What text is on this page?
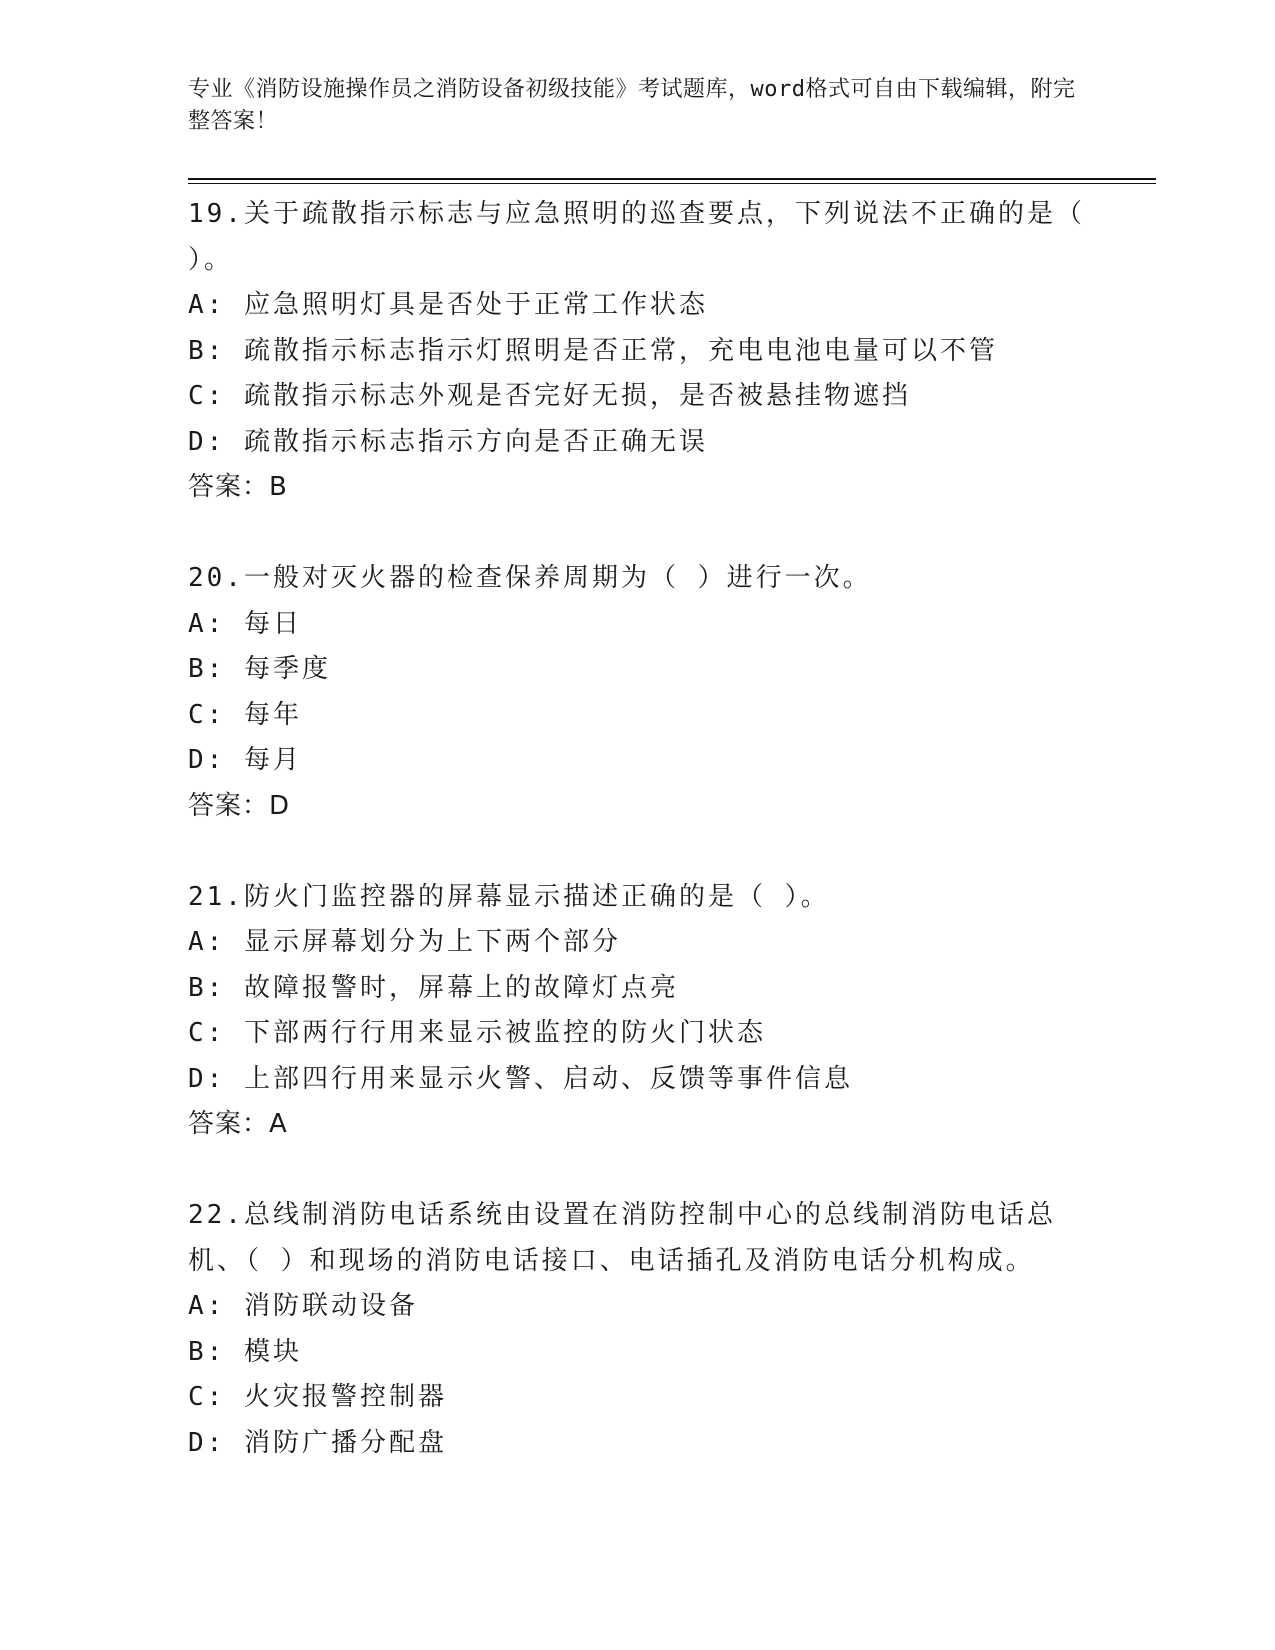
专业《消防设施操作员之消防设备初级技能》考试题库，word格式可自由下载编辑，附完整答案！
19.关于疏散指示标志与应急照明的巡查要点，下列说法不正确的是（ ）。
A: 应急照明灯具是否处于正常工作状态
B: 疏散指示标志指示灯照明是否正常，充电电池电量可以不管
C: 疏散指示标志外观是否完好无损，是否被悬挂物遮挡
D: 疏散指示标志指示方向是否正确无误
答案：B
20.一般对灭火器的检查保养周期为（ ）进行一次。
A: 每日
B: 每季度
C: 每年
D: 每月
答案：D
21.防火门监控器的屏幕显示描述正确的是（ ）。
A: 显示屏幕划分为上下两个部分
B: 故障报警时，屏幕上的故障灯点亮
C: 下部两行行用来显示被监控的防火门状态
D: 上部四行用来显示火警、启动、反馈等事件信息
答案：A
22.总线制消防电话系统由设置在消防控制中心的总线制消防电话总机、（ ）和现场的消防电话接口、电话插孔及消防电话分机构成。
A: 消防联动设备
B: 模块
C: 火灾报警控制器
D: 消防广播分配盘
